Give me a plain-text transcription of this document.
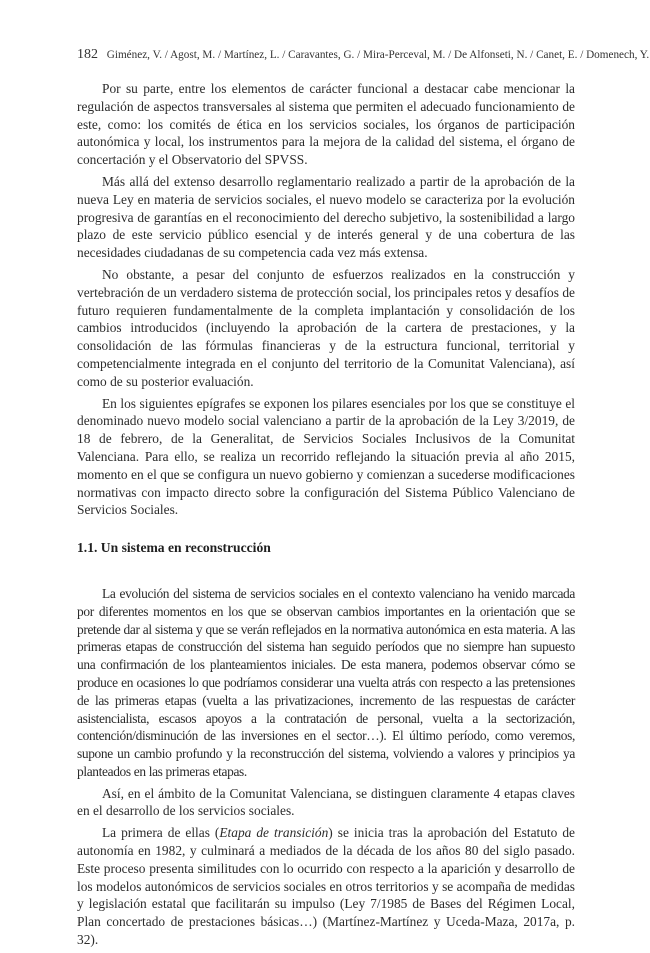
182 Giménez, V. / Agost, M. / Martínez, L. / Caravantes, G. / Mira-Perceval, M. / De Alfonseti, N. / Canet, E. / Domenech, Y.

Por su parte, entre los elementos de carácter funcional a destacar cabe mencionar la regulación de aspectos transversales al sistema que permiten el adecuado funcionamiento de este, como: los comités de ética en los servicios sociales, los órganos de participación autonómica y local, los instrumentos para la mejora de la calidad del sistema, el órgano de concertación y el Observatorio del SPVSS.

Más allá del extenso desarrollo reglamentario realizado a partir de la aprobación de la nueva Ley en materia de servicios sociales, el nuevo modelo se caracteriza por la evolución progresiva de garantías en el reconocimiento del derecho subjetivo, la sostenibilidad a largo plazo de este servicio público esencial y de interés general y de una cobertura de las necesidades ciudadanas de su competencia cada vez más extensa.

No obstante, a pesar del conjunto de esfuerzos realizados en la construcción y vertebración de un verdadero sistema de protección social, los principales retos y desafíos de futuro requieren fundamentalmente de la completa implantación y consolidación de los cambios introducidos (incluyendo la aprobación de la cartera de prestaciones, y la consolidación de las fórmulas financieras y de la estructura funcional, territorial y competencialmente integrada en el conjunto del territorio de la Comunitat Valenciana), así como de su posterior evaluación.

En los siguientes epígrafes se exponen los pilares esenciales por los que se constituye el denominado nuevo modelo social valenciano a partir de la aprobación de la Ley 3/2019, de 18 de febrero, de la Generalitat, de Servicios Sociales Inclusivos de la Comunitat Valenciana. Para ello, se realiza un recorrido reflejando la situación previa al año 2015, momento en el que se configura un nuevo gobierno y comienzan a sucederse modificaciones normativas con impacto directo sobre la configuración del Sistema Público Valenciano de Servicios Sociales.

1.1. Un sistema en reconstrucción

La evolución del sistema de servicios sociales en el contexto valenciano ha venido marcada por diferentes momentos en los que se observan cambios importantes en la orientación que se pretende dar al sistema y que se verán reflejados en la normativa autonómica en esta materia. A las primeras etapas de construcción del sistema han seguido períodos que no siempre han supuesto una confirmación de los planteamientos iniciales. De esta manera, podemos observar cómo se produce en ocasiones lo que podríamos considerar una vuelta atrás con respecto a las pretensiones de las primeras etapas (vuelta a las privatizaciones, incremento de las respuestas de carácter asistencialista, escasos apoyos a la contratación de personal, vuelta a la sectorización, contención/disminución de las inversiones en el sector…). El último período, como veremos, supone un cambio profundo y la reconstrucción del sistema, volviendo a valores y principios ya planteados en las primeras etapas.

Así, en el ámbito de la Comunitat Valenciana, se distinguen claramente 4 etapas claves en el desarrollo de los servicios sociales.

La primera de ellas (Etapa de transición) se inicia tras la aprobación del Estatuto de autonomía en 1982, y culminará a mediados de la década de los años 80 del siglo pasado. Este proceso presenta similitudes con lo ocurrido con respecto a la aparición y desarrollo de los modelos autonómicos de servicios sociales en otros territorios y se acompaña de medidas y legislación estatal que facilitarán su impulso (Ley 7/1985 de Bases del Régimen Local, Plan concertado de prestaciones básicas…) (Martínez-Martínez y Uceda-Maza, 2017a, p. 32).
